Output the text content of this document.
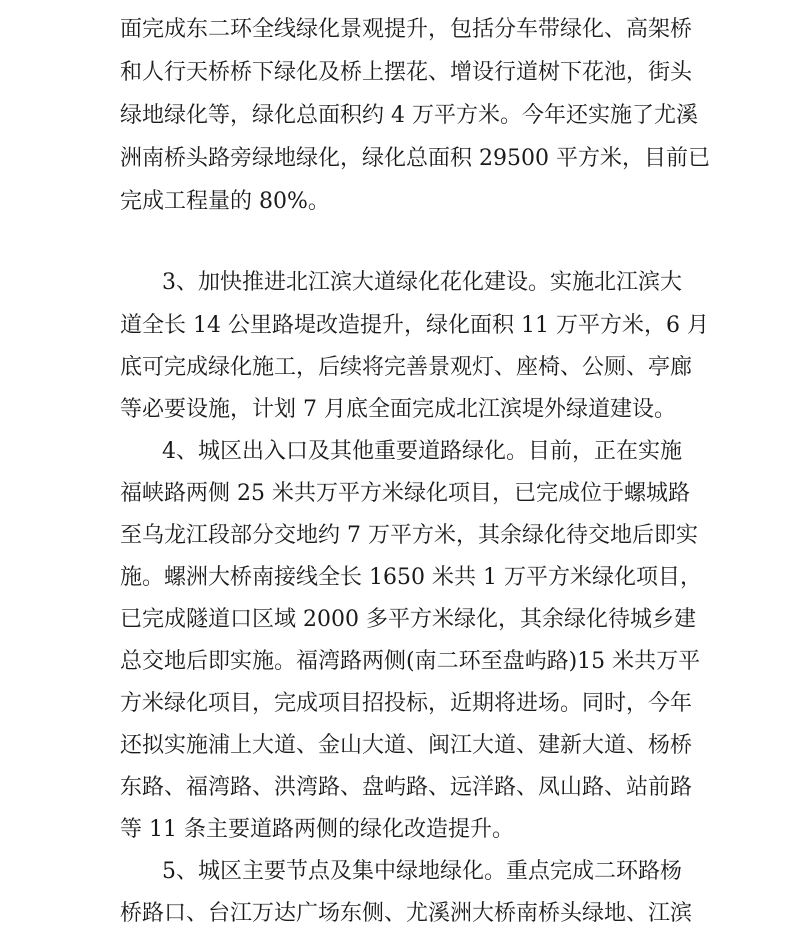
面完成东二环全线绿化景观提升，包括分车带绿化、高架桥
和人行天桥桥下绿化及桥上摆花、增设行道树下花池，街头
绿地绿化等，绿化总面积约 4 万平方米。今年还实施了尤溪
洲南桥头路旁绿地绿化，绿化总面积 29500 平方米，目前已
完成工程量的 80%。
3、加快推进北江滨大道绿化花化建设。实施北江滨大
道全长 14 公里路堤改造提升，绿化面积 11 万平方米，6 月
底可完成绿化施工，后续将完善景观灯、座椅、公厕、亭廊
等必要设施，计划 7 月底全面完成北江滨堤外绿道建设。
4、城区出入口及其他重要道路绿化。目前，正在实施
福峡路两侧 25 米共万平方米绿化项目，已完成位于螺城路
至乌龙江段部分交地约 7 万平方米，其余绿化待交地后即实
施。螺洲大桥南接线全长 1650 米共 1 万平方米绿化项目，
已完成隧道口区域 2000 多平方米绿化，其余绿化待城乡建
总交地后即实施。福湾路两侧(南二环至盘屿路)15 米共万平
方米绿化项目，完成项目招投标，近期将进场。同时，今年
还拟实施浦上大道、金山大道、闽江大道、建新大道、杨桥
东路、福湾路、洪湾路、盘屿路、远洋路、凤山路、站前路
等 11 条主要道路两侧的绿化改造提升。
5、城区主要节点及集中绿地绿化。重点完成二环路杨
桥路口、台江万达广场东侧、尤溪洲大桥南桥头绿地、江滨
